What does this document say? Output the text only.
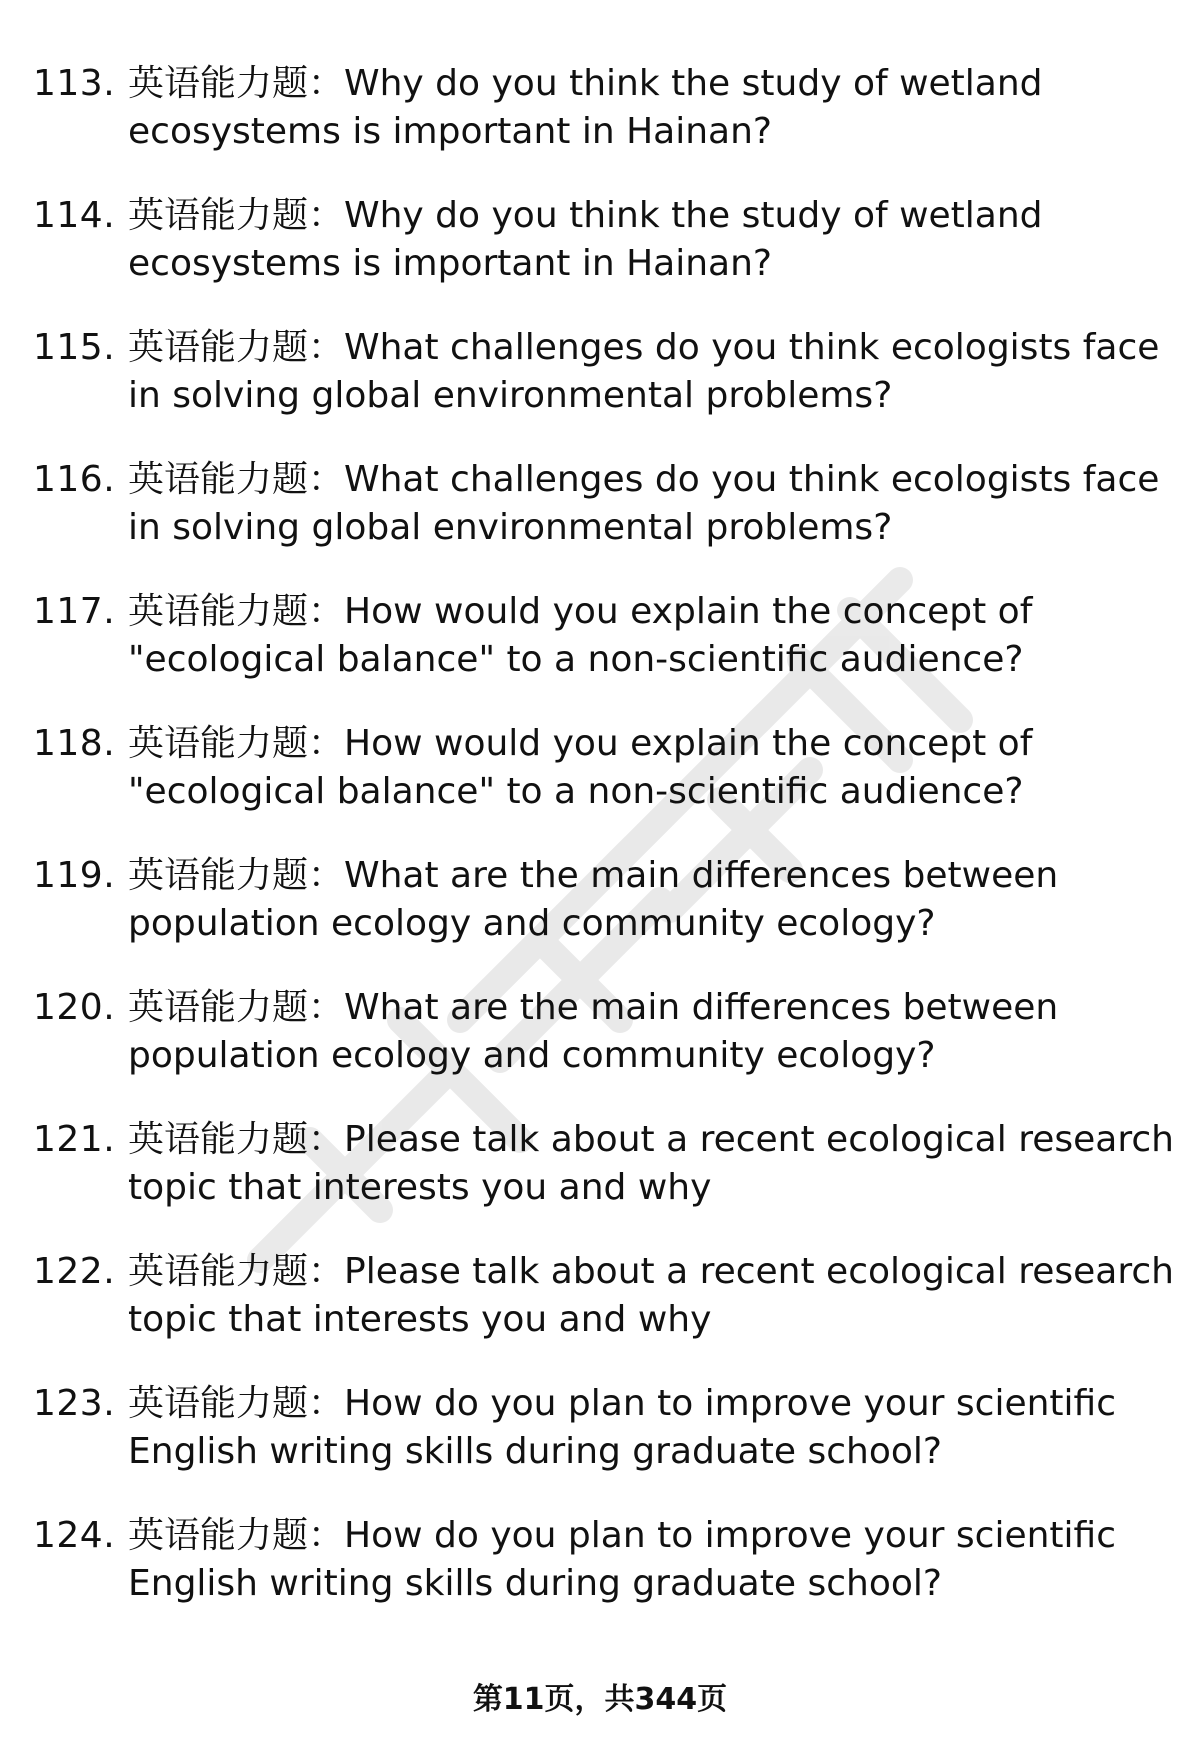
113. 英语能力题：Why do you think the study of wetland
ecosystems is important in Hainan?
114. 英语能力题：Why do you think the study of wetland
ecosystems is important in Hainan?
115. 英语能力题：What challenges do you think ecologists face
in solving global environmental problems?
116. 英语能力题：What challenges do you think ecologists face
in solving global environmental problems?
117. 英语能力题：How would you explain the concept of
"ecological balance" to a non-scientific audience?
118. 英语能力题：How would you explain the concept of
"ecological balance" to a non-scientific audience?
119. 英语能力题：What are the main differences between
population ecology and community ecology?
120. 英语能力题：What are the main differences between
population ecology and community ecology?
121. 英语能力题：Please talk about a recent ecological research
topic that interests you and why
122. 英语能力题：Please talk about a recent ecological research
topic that interests you and why
123. 英语能力题：How do you plan to improve your scientific
English writing skills during graduate school?
124. 英语能力题：How do you plan to improve your scientific
English writing skills during graduate school?
第11页，共344页
